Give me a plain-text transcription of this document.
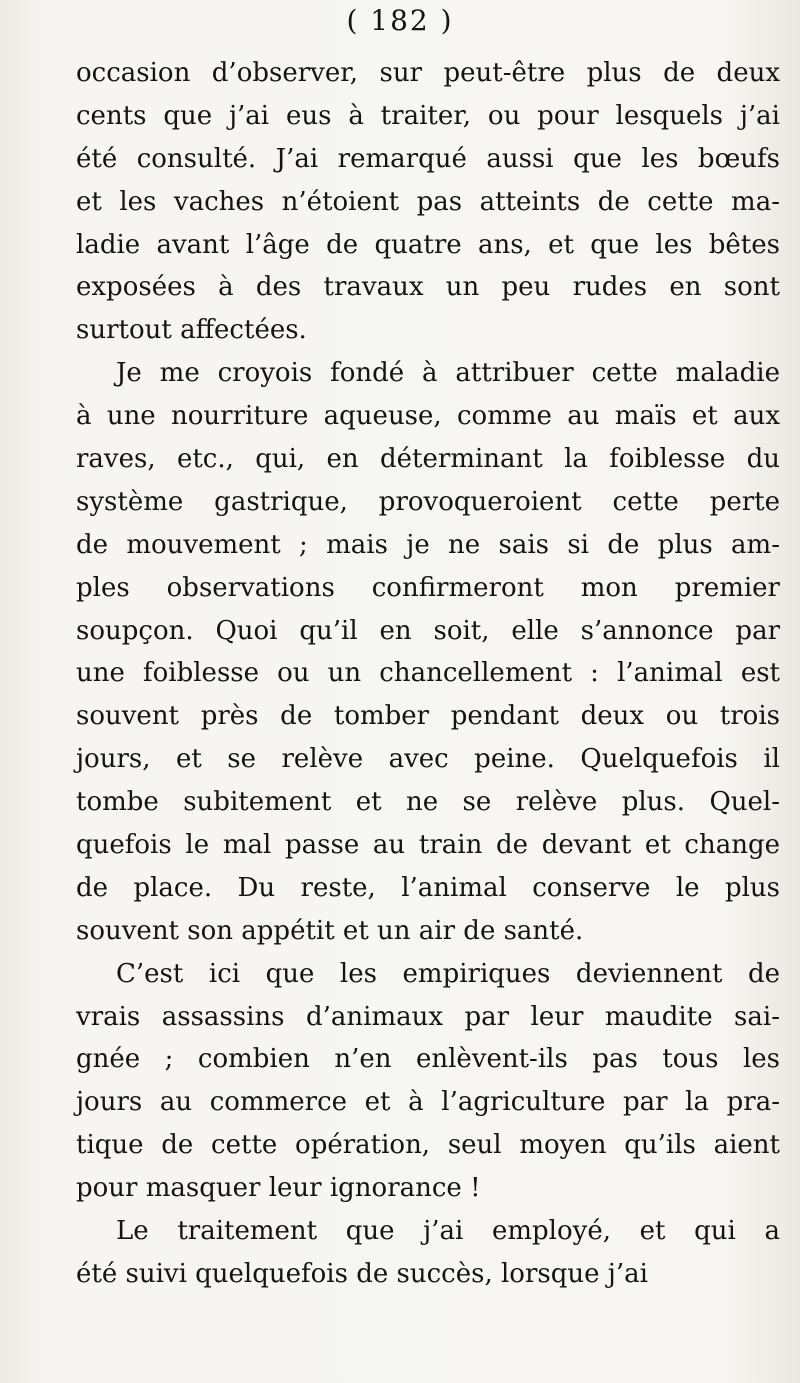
( 182 )
occasion d’observer, sur peut-être plus de deux
cents que j’ai eus à traiter, ou pour lesquels j’ai
été consulté. J’ai remarqué aussi que les bœufs
et les vaches n’étoient pas atteints de cette ma-
ladie avant l’âge de quatre ans, et que les bêtes
exposées à des travaux un peu rudes en sont
surtout affectées.
Je me croyois fondé à attribuer cette maladie
à une nourriture aqueuse, comme au maïs et aux
raves, etc., qui, en déterminant la foiblesse du
système gastrique, provoqueroient cette perte
de mouvement ; mais je ne sais si de plus am-
ples observations confirmeront mon premier
soupçon. Quoi qu’il en soit, elle s’annonce par
une foiblesse ou un chancellement : l’animal est
souvent près de tomber pendant deux ou trois
jours, et se relève avec peine. Quelquefois il
tombe subitement et ne se relève plus. Quel-
quefois le mal passe au train de devant et change
de place. Du reste, l’animal conserve le plus
souvent son appétit et un air de santé.
C’est ici que les empiriques deviennent de
vrais assassins d’animaux par leur maudite sai-
gnée ; combien n’en enlèvent-ils pas tous les
jours au commerce et à l’agriculture par la pra-
tique de cette opération, seul moyen qu’ils aient
pour masquer leur ignorance !
Le traitement que j’ai employé, et qui a
été suivi quelquefois de succès, lorsque j’ai
